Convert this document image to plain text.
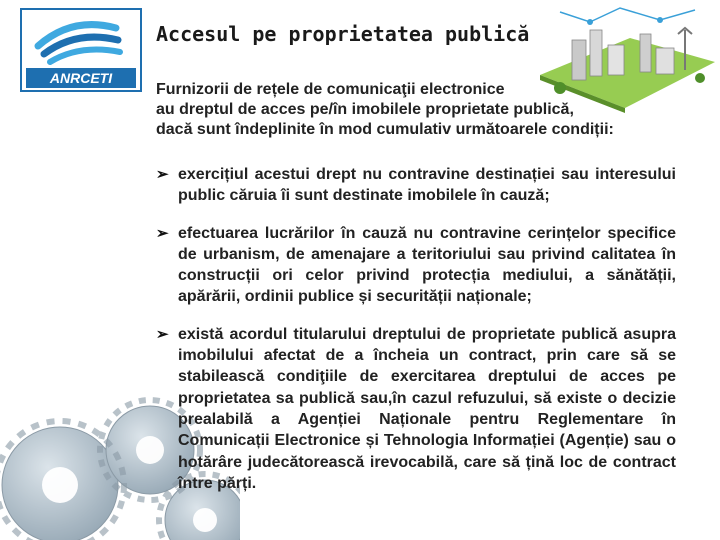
ANRCETI
Accesul pe proprietatea publică
Furnizorii de rețele de comunicaţii electronice
au dreptul de acces pe/în imobilele proprietate publică,
dacă sunt îndeplinite în mod cumulativ următoarele condiții:
➢ exercițiul acestui drept nu contravine destinației sau interesului public căruia îi sunt destinate imobilele în cauză;
➢ efectuarea lucrărilor în cauză nu contravine cerințelor specifice de urbanism, de amenajare a teritoriului sau privind calitatea în construcții ori celor privind protecția mediului, a sănătății, apărării, ordinii publice și securității naționale;
➢ există acordul titularului dreptului de proprietate publică asupra imobilului afectat de a încheia un contract, prin care să se stabilească condiţiile de exercitarea dreptului de acces pe proprietatea sa publică sau,în cazul refuzului, să existe o decizie prealabilă a Agenției Naționale pentru Reglementare în Comunicații Electronice și Tehnologia Informației (Agenție) sau o hotărâre judecătorească irevocabilă, care să țină loc de contract între părți.
